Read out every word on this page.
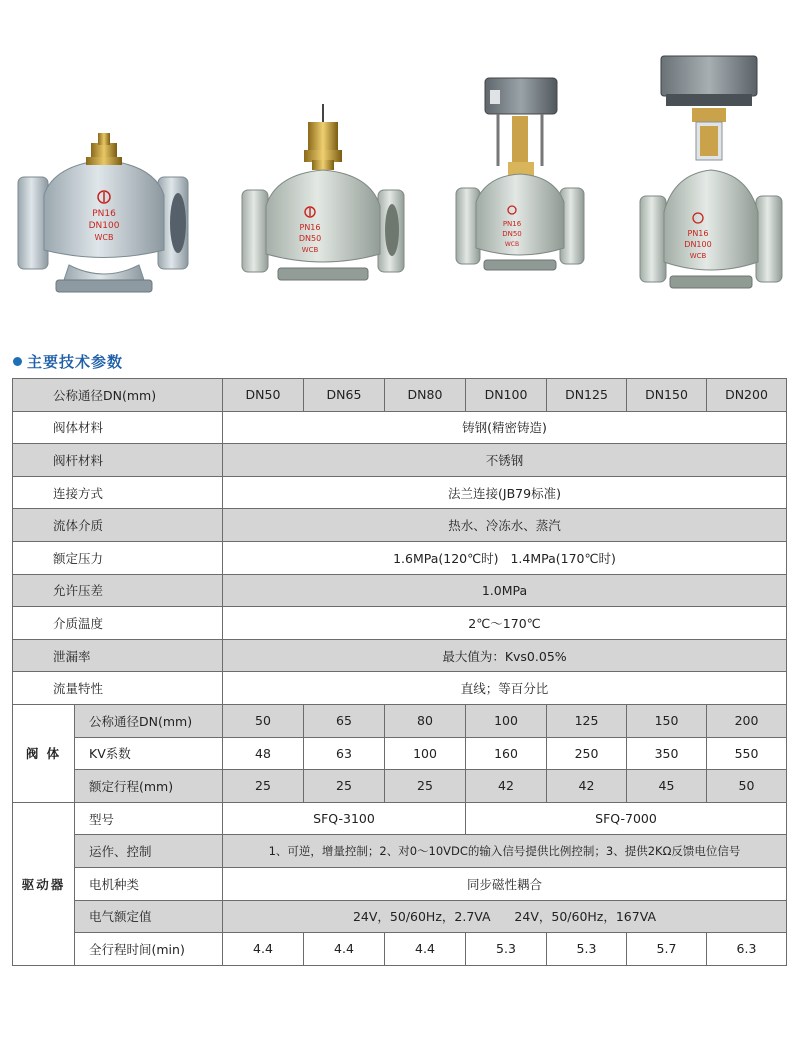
PN16
DN100
WCB
PN16
DN50
WCB
PN16
DN50
WCB
PN16
DN100
WCB
主要技术参数
公称通径DN(mm)		DN50	DN65	DN80	DN100	DN125	DN150	DN200
阀体材料		铸钢(精密铸造)						
阀杆材料		不锈钢						
连接方式		法兰连接(JB79标准)						
流体介质		热水、冷冻水、蒸汽						
额定压力		1.6MPa(120℃时)   1.4MPa(170℃时)						
允许压差		1.0MPa						
介质温度		2℃～170℃						
泄漏率		最大值为：Kvs0.05%						
流量特性		直线；等百分比						
阀 体	公称通径DN(mm)	50	65	80	100	125	150	200
	KV系数	48	63	100	160	250	350	550
	额定行程(mm)	25	25	25	42	42	45	50
驱动器	型号	SFQ-3100			SFQ-7000			
	运作、控制	1、可逆，增量控制；2、对0～10VDC的输入信号提供比例控制；3、提供2KΩ反馈电位信号						
	电机种类	同步磁性耦合						
	电气额定值	24V，50/60Hz，2.7VA      24V，50/60Hz，167VA						
	全行程时间(min)	4.4	4.4	4.4	5.3	5.3	5.7	6.3
